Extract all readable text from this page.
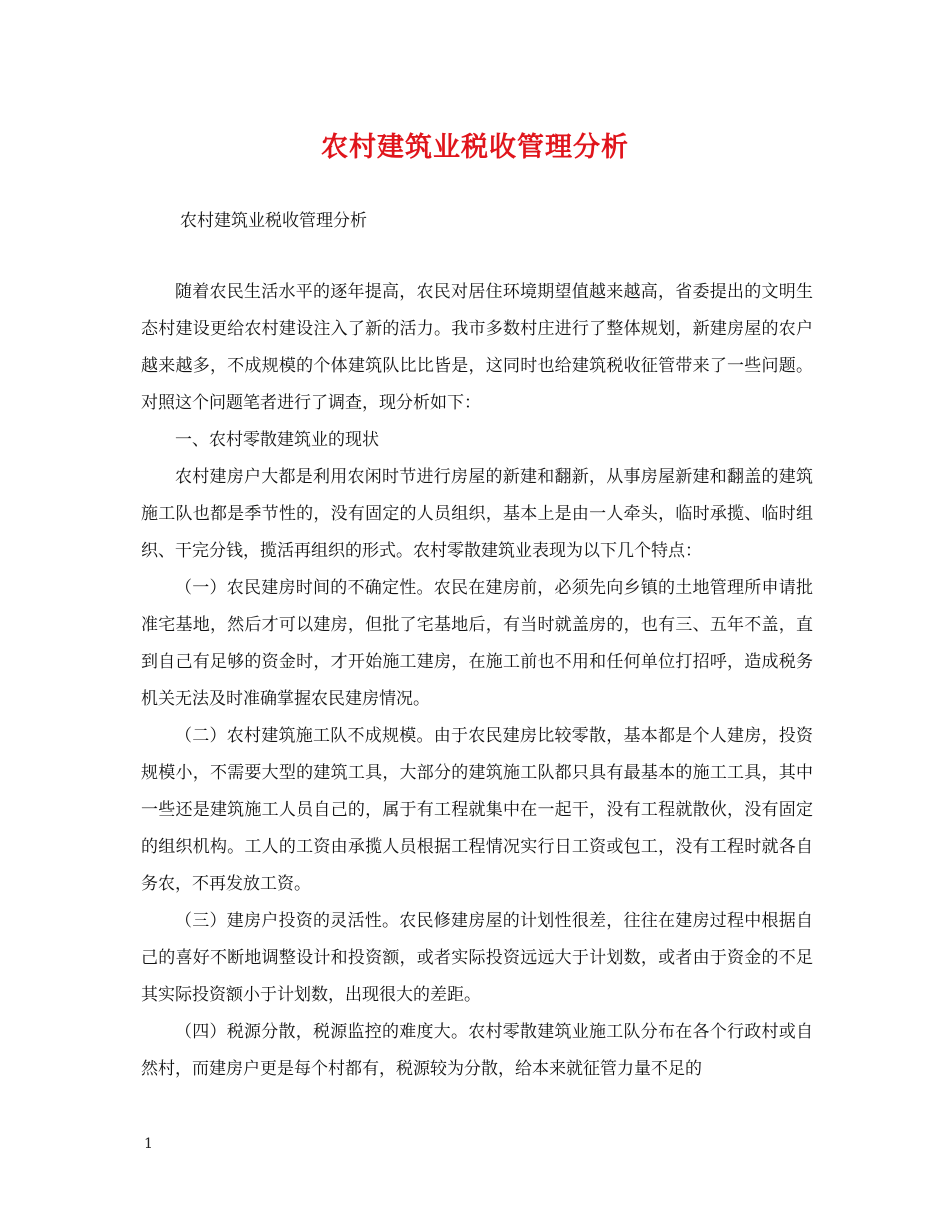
农村建筑业税收管理分析
农村建筑业税收管理分析

随着农民生活水平的逐年提高，农民对居住环境期望值越来越高，省委提出的文明生态村建设更给农村建设注入了新的活力。我市多数村庄进行了整体规划，新建房屋的农户越来越多，不成规模的个体建筑队比比皆是，这同时也给建筑税收征管带来了一些问题。对照这个问题笔者进行了调查，现分析如下：

一、农村零散建筑业的现状

农村建房户大都是利用农闲时节进行房屋的新建和翻新，从事房屋新建和翻盖的建筑施工队也都是季节性的，没有固定的人员组织，基本上是由一人牵头，临时承揽、临时组织、干完分钱，揽活再组织的形式。农村零散建筑业表现为以下几个特点：

（一）农民建房时间的不确定性。农民在建房前，必须先向乡镇的土地管理所申请批准宅基地，然后才可以建房，但批了宅基地后，有当时就盖房的，也有三、五年不盖，直到自己有足够的资金时，才开始施工建房，在施工前也不用和任何单位打招呼，造成税务机关无法及时准确掌握农民建房情况。

（二）农村建筑施工队不成规模。由于农民建房比较零散，基本都是个人建房，投资规模小，不需要大型的建筑工具，大部分的建筑施工队都只具有最基本的施工工具，其中一些还是建筑施工人员自己的，属于有工程就集中在一起干，没有工程就散伙，没有固定的组织机构。工人的工资由承揽人员根据工程情况实行日工资或包工，没有工程时就各自务农，不再发放工资。

（三）建房户投资的灵活性。农民修建房屋的计划性很差，往往在建房过程中根据自己的喜好不断地调整设计和投资额，或者实际投资远远大于计划数，或者由于资金的不足其实际投资额小于计划数，出现很大的差距。

（四）税源分散，税源监控的难度大。农村零散建筑业施工队分布在各个行政村或自然村，而建房户更是每个村都有，税源较为分散，给本来就征管力量不足的

1
